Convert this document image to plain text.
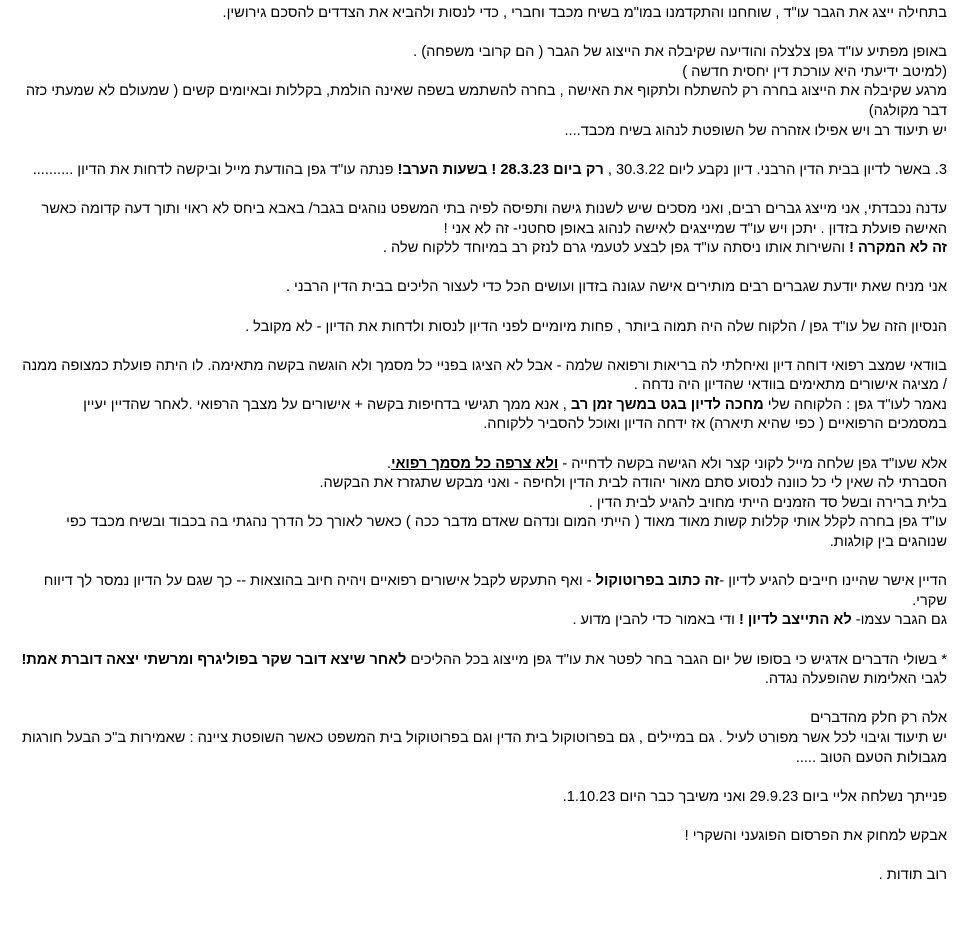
בתחילה ייצג את הגבר עו"ד , שוחחנו והתקדמנו במו"מ בשיח מכבד וחברי , כדי לנסות ולהביא את הצדדים להסכם גירושין.
באופן מפתיע עו"ד גפן צלצלה והודיעה שקיבלה את הייצוג של הגבר ( הם קרובי משפחה) .
(למיטב ידיעתי היא עורכת דין יחסית חדשה )
מרגע שקיבלה את הייצוג בחרה רק להשתלח ולתקוף את האישה , בחרה להשתמש בשפה שאינה הולמת, בקללות ובאיומים קשים ( שמעולם לא שמעתי כזה דבר מקולגה)
יש תיעוד רב ויש אפילו אזהרה של השופטת לנהוג בשיח מכבד....
3. באשר לדיון בבית הדין הרבני. דיון נקבע ליום 30.3.22 , רק ביום 28.3.23 ! בשעות הערב! פנתה עו"ד גפן בהודעת מייל וביקשה לדחות את הדיון ..........
עדנה נכבדתי, אני מייצג גברים רבים, ואני מסכים שיש לשנות גישה ותפיסה לפיה בתי המשפט נוהגים בגבר/ באבא ביחס לא ראוי ותוך דעה קדומה כאשר האישה פועלת בזדון . יתכן ויש עו"ד שמייצגים לאישה לנהוג באופן סחטני- זה לא אני !
זה לא המקרה ! והשירות אותו ניסתה עו"ד גפן לבצע לטעמי גרם לנזק רב במיוחד ללקוח שלה .
אני מניח שאת יודעת שגברים רבים מותירים אישה עגונה בזדון ועושים הכל כדי לעצור הליכים בבית הדין הרבני .
הנסיון הזה של עו"ד גפן / הלקוח שלה היה תמוה ביותר , פחות מיומיים לפני הדיון לנסות ולדחות את הדיון - לא מקובל .
בוודאי שמצב רפואי דוחה דיון ואיחלתי לה בריאות ורפואה שלמה - אבל לא הציגו בפניי כל מסמך ולא הוגשה בקשה מתאימה. לו היתה פועלת כמצופה ממנה / מציגה אישורים מתאימים בוודאי שהדיון היה נדחה .
נאמר לעו"ד גפן : הלקוחה שלי מחכה לדיון בגט במשך זמן רב , אנא ממך תגישי בדחיפות בקשה + אישורים על מצבך הרפואי .לאחר שהדיין יעיין במסמכים הרפואיים ( כפי שהיא תיארה) אז ידחה הדיון ואוכל להסביר ללקוחה.
אלא שעו"ד גפן שלחה מייל לקוני קצר ולא הגישה בקשה לדחייה - ולא צרפה כל מסמך רפואי.
הסברתי לה שאין לי כל כוונה לנסוע סתם מאור יהודה לבית הדין ולחיפה - ואני מבקש שתגזרז את הבקשה.
בלית ברירה ובשל סד הזמנים הייתי מחויב להגיע לבית הדין .
עו"ד גפן בחרה לקלל אותי קללות קשות מאוד מאוד ( הייתי המום ונדהם שאדם מדבר ככה ) כאשר לאורך כל הדרך נהגתי בה בכבוד ובשיח מכבד כפי שנוהגים בין קולגות.
הדיין אישר שהיינו חייבים להגיע לדיון -זה כתוב בפרוטוקול - ואף התעקש לקבל אישורים רפואיים ויהיה חיוב בהוצאות -- כך שגם על הדיון נמסר לך דיווח שקרי.
גם הגבר עצמו- לא התייצב לדיון ! ודי באמור כדי להבין מדוע .
* בשולי הדברים אדגיש כי בסופו של יום הגבר בחר לפטר את עו"ד גפן מייצוג בכל ההליכים לאחר שיצא דובר שקר בפוליגרף ומרשתי יצאה דוברת אמת! לגבי האלימות שהופעלה נגדה.
אלה רק חלק מהדברים
יש תיעוד וגיבוי לכל אשר מפורט לעיל . גם במיילים , גם בפרוטוקול בית הדין וגם בפרוטוקול בית המשפט כאשר השופטת ציינה : שאמירות ב"כ הבעל חורגות מגבולות הטעם הטוב .....
פנייתך נשלחה אליי ביום 29.9.23 ואני משיבך כבר היום 1.10.23.
אבקש למחוק את הפרסום הפוגעני והשקרי !
רוב תודות .
